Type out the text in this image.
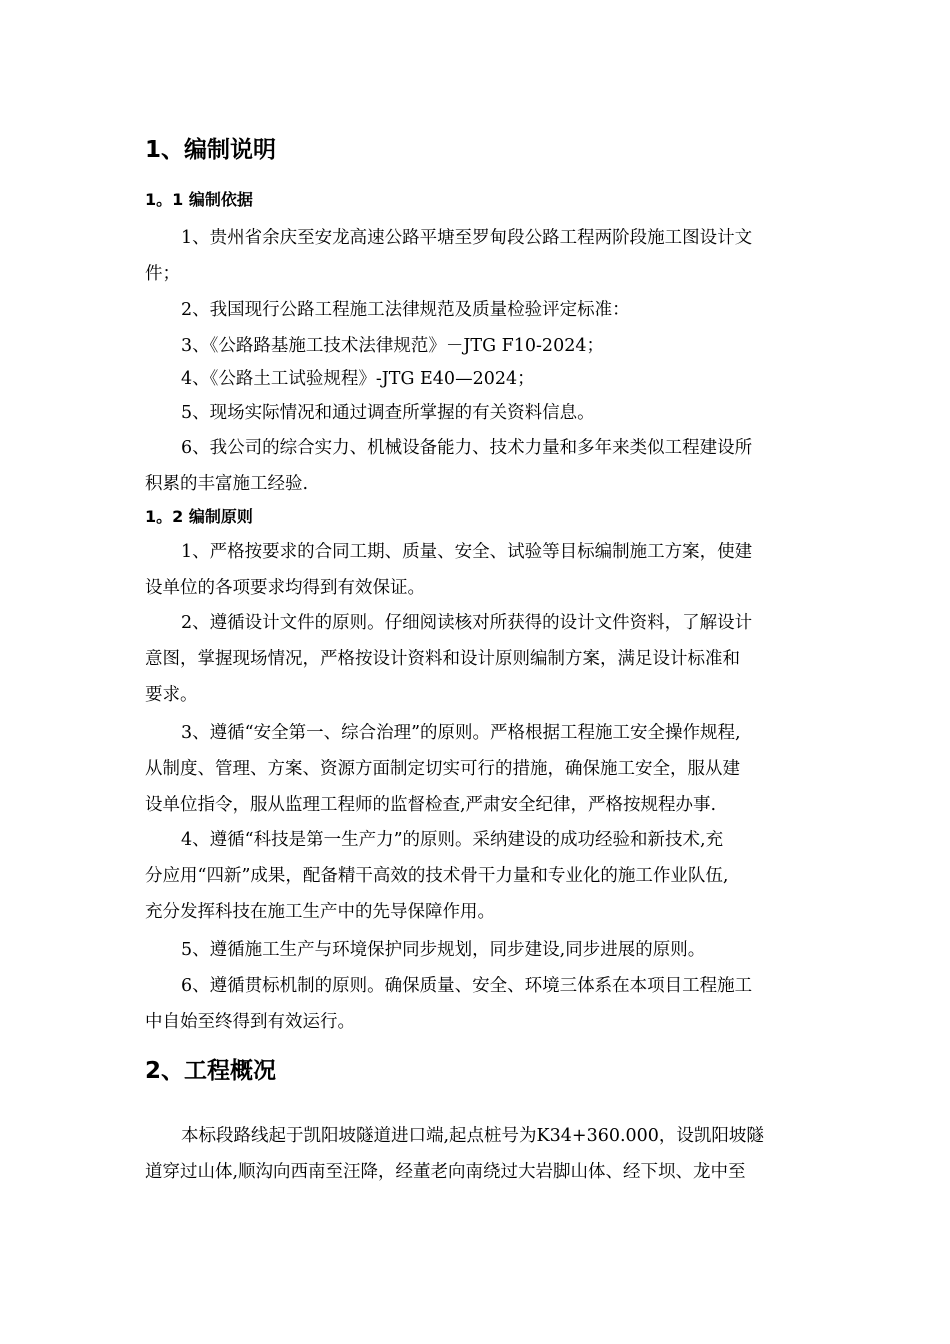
1、编制说明
1。1 编制依据
1、贵州省余庆至安龙高速公路平塘至罗甸段公路工程两阶段施工图设计文
件；
2、我国现行公路工程施工法律规范及质量检验评定标准：
3、《公路路基施工技术法律规范》－JTG F10-2024；
4、《公路土工试验规程》-JTG E40—2024；
5、现场实际情况和通过调查所掌握的有关资料信息。
6、我公司的综合实力、机械设备能力、技术力量和多年来类似工程建设所
积累的丰富施工经验.
1。2 编制原则
1、严格按要求的合同工期、质量、安全、试验等目标编制施工方案，使建
设单位的各项要求均得到有效保证。
2、遵循设计文件的原则。仔细阅读核对所获得的设计文件资料，了解设计
意图，掌握现场情况，严格按设计资料和设计原则编制方案，满足设计标准和
要求。
3、遵循“安全第一、综合治理”的原则。严格根据工程施工安全操作规程,
从制度、管理、方案、资源方面制定切实可行的措施，确保施工安全，服从建
设单位指令，服从监理工程师的监督检查,严肃安全纪律，严格按规程办事.
4、遵循“科技是第一生产力”的原则。采纳建设的成功经验和新技术,充
分应用“四新”成果，配备精干高效的技术骨干力量和专业化的施工作业队伍,
充分发挥科技在施工生产中的先导保障作用。
5、遵循施工生产与环境保护同步规划，同步建设,同步进展的原则。
6、遵循贯标机制的原则。确保质量、安全、环境三体系在本项目工程施工
中自始至终得到有效运行。
2、工程概况
本标段路线起于凯阳坡隧道进口端,起点桩号为K34+360.000，设凯阳坡隧
道穿过山体,顺沟向西南至汪降，经董老向南绕过大岩脚山体、经下坝、龙中至
